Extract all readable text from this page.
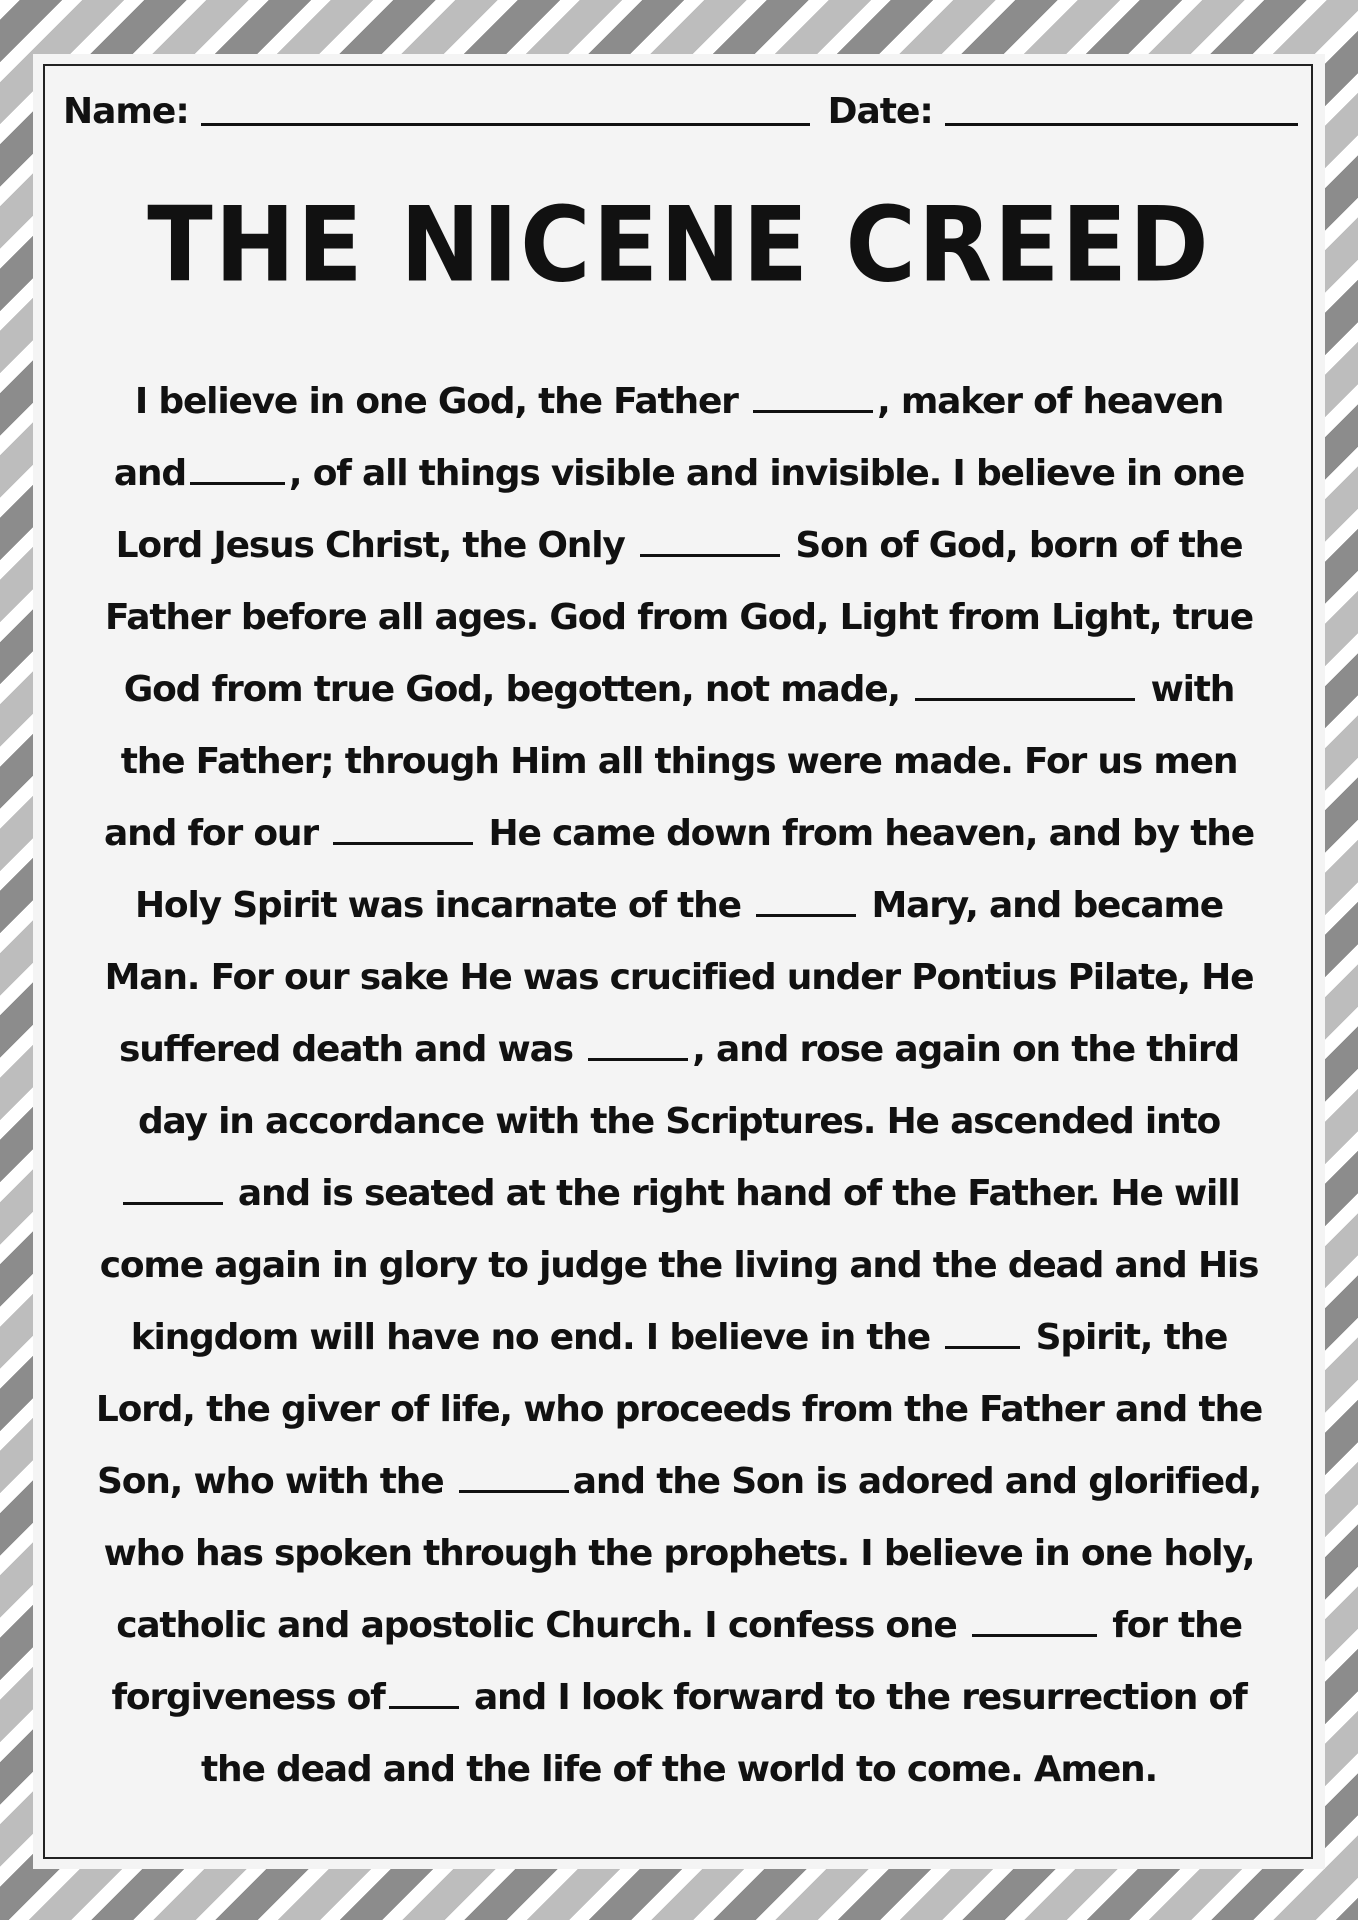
Name:	Date:
THE NICENE CREED
I believe in one God, the Father	, maker of heaven
and	, of all things visible and invisible. I believe in one
Lord Jesus Christ, the Only	Son of God, born of the
Father before all ages. God from God, Light from Light, true
God from true God, begotten, not made,	with
the Father; through Him all things were made. For us men
and for our	He came down from heaven, and by the
Holy Spirit was incarnate of the	Mary, and became
Man. For our sake He was crucified under Pontius Pilate, He
suffered death and was	, and rose again on the third
day in accordance with the Scriptures. He ascended into
and is seated at the right hand of the Father. He will
come again in glory to judge the living and the dead and His
kingdom will have no end. I believe in the  Spirit, the
Lord, the giver of life, who proceeds from the Father and the
Son, who with the	and the Son is adored and glorified,
who has spoken through the prophets. I believe in one holy,
catholic and apostolic Church. I confess one	for the
forgiveness of and I look forward to the resurrection of
the dead and the life of the world to come. Amen.
